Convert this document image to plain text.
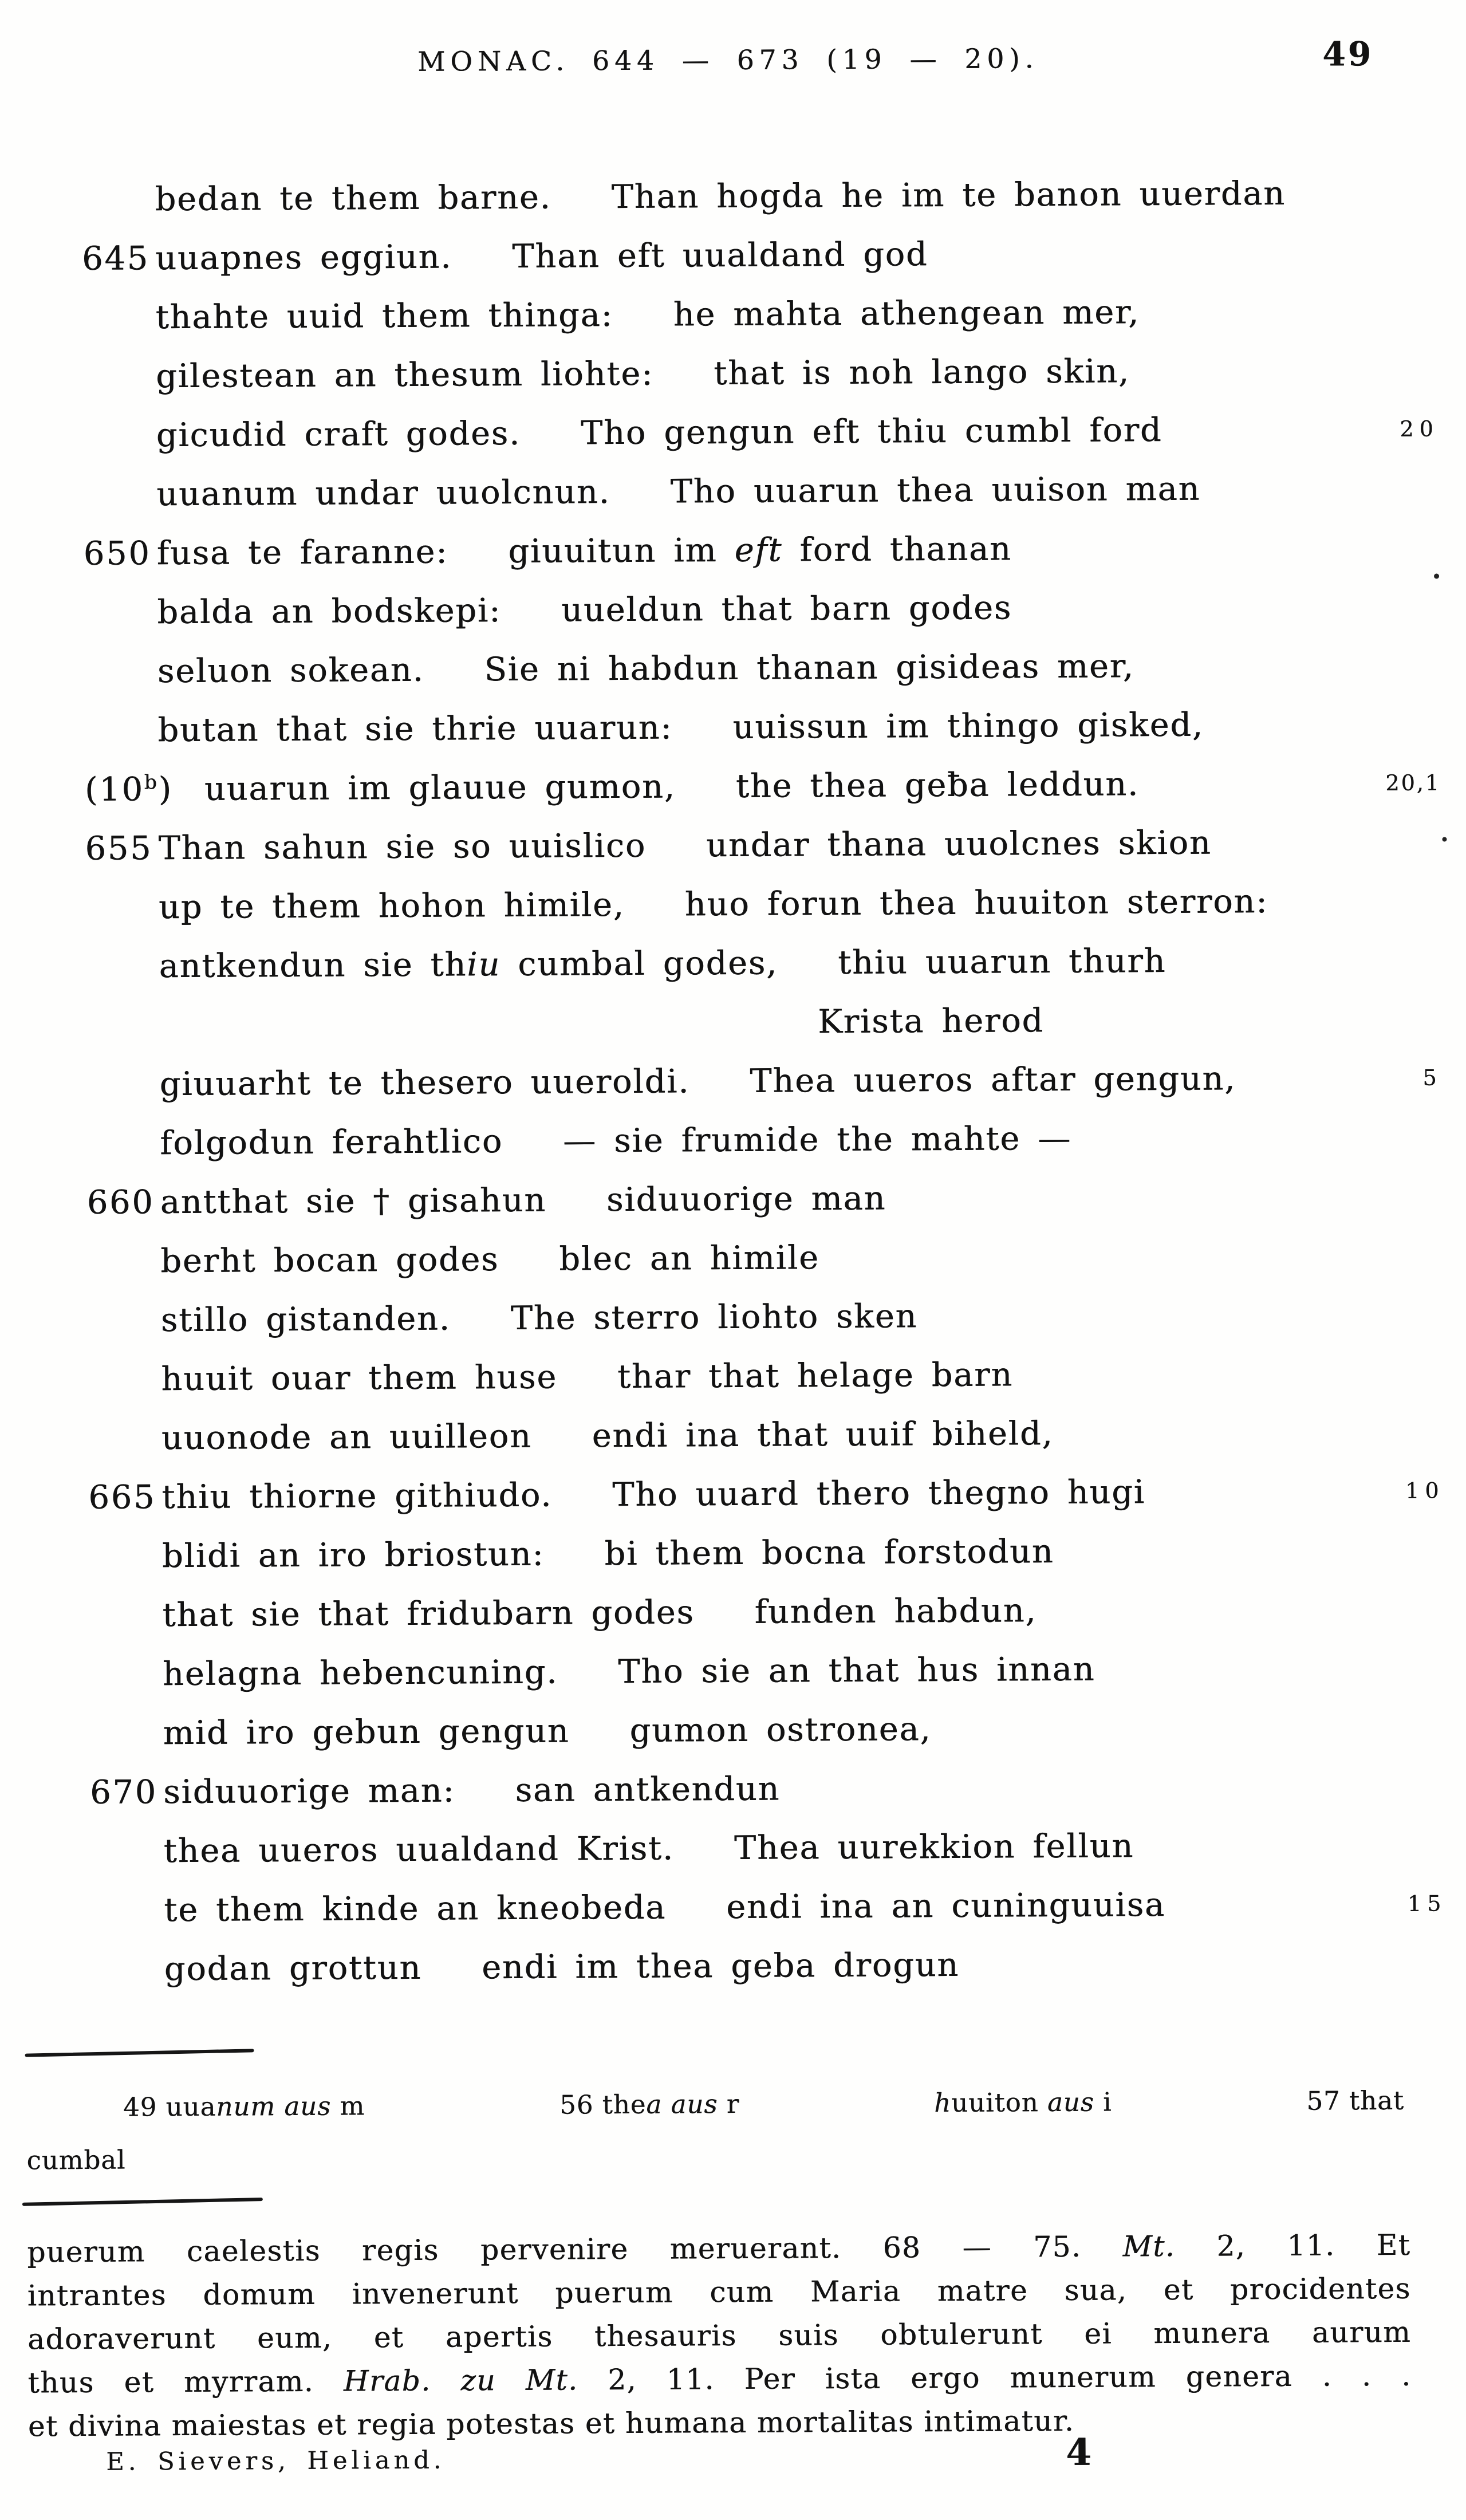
MONAC. 644 — 673 (19 — 20).	49
bedan te them barne. Than hogda he im te banon uuerdan
645 uuapnes eggiun. Than eft uualdand god
thahte uuid them thinga: he mahta athengean mer,
gilestean an thesum liohte: that is noh lango skin,
gicudid craft godes. Tho gengun eft thiu cumbl ford	20
uuanum undar uuolcnun. Tho uuarun thea uuison man
650 fusa te faranne: giuuitun im eft ford thanan
balda an bodskepi: uueldun that barn godes
seluon sokean. Sie ni habdun thanan gisideas mer,
butan that sie thrie uuarun: uuissun im thingo gisked,
(10$^b$) uuarun im glauue gumon, the thea geƀa leddun.	20,1
655 Than sahun sie so uuislico undar thana uuolcnes skion
up te them hohon himile, huo forun thea huuiton sterron:
antkendun sie thiu cumbal godes, thiu uuarun thurh
Krista herod
giuuarht te thesero uueroldi. Thea uueros aftar gengun,	5
folgodun ferahtlico — sie frumide the mahte —
660 antthat sie † gisahun siduuorige man
berht bocan godes blec an himile
stillo gistanden. The sterro liohto sken
huuit ouar them huse thar that helage barn
uuonode an uuilleon endi ina that uuif biheld,
665 thiu thiorne githiudo. Tho uuard thero thegno hugi	10
blidi an iro briostun: bi them bocna forstodun
that sie that fridubarn godes funden habdun,
helagna hebencuning. Tho sie an that hus innan
mid iro gebun gengun gumon ostronea,
670 siduuorige man: san antkendun
thea uueros uualdand Krist. Thea uurekkion fellun
te them kinde an kneobeda endi ina an cuninguuisa	15
godan grottun endi im thea geba drogun
49 uuanum aus m	56 thea aus r	huuiton aus i	57 that
cumbal
puerum caelestis regis pervenire meruerant. 68 — 75. Mt. 2, 11. Et
intrantes domum invenerunt puerum cum Maria matre sua, et procidentes
adoraverunt eum, et apertis thesauris suis obtulerunt ei munera aurum
thus et myrram. Hrab. zu Mt. 2, 11. Per ista ergo munerum genera . . .
et divina maiestas et regia potestas et humana mortalitas intimatur.
E. Sievers, Heliand.	4
